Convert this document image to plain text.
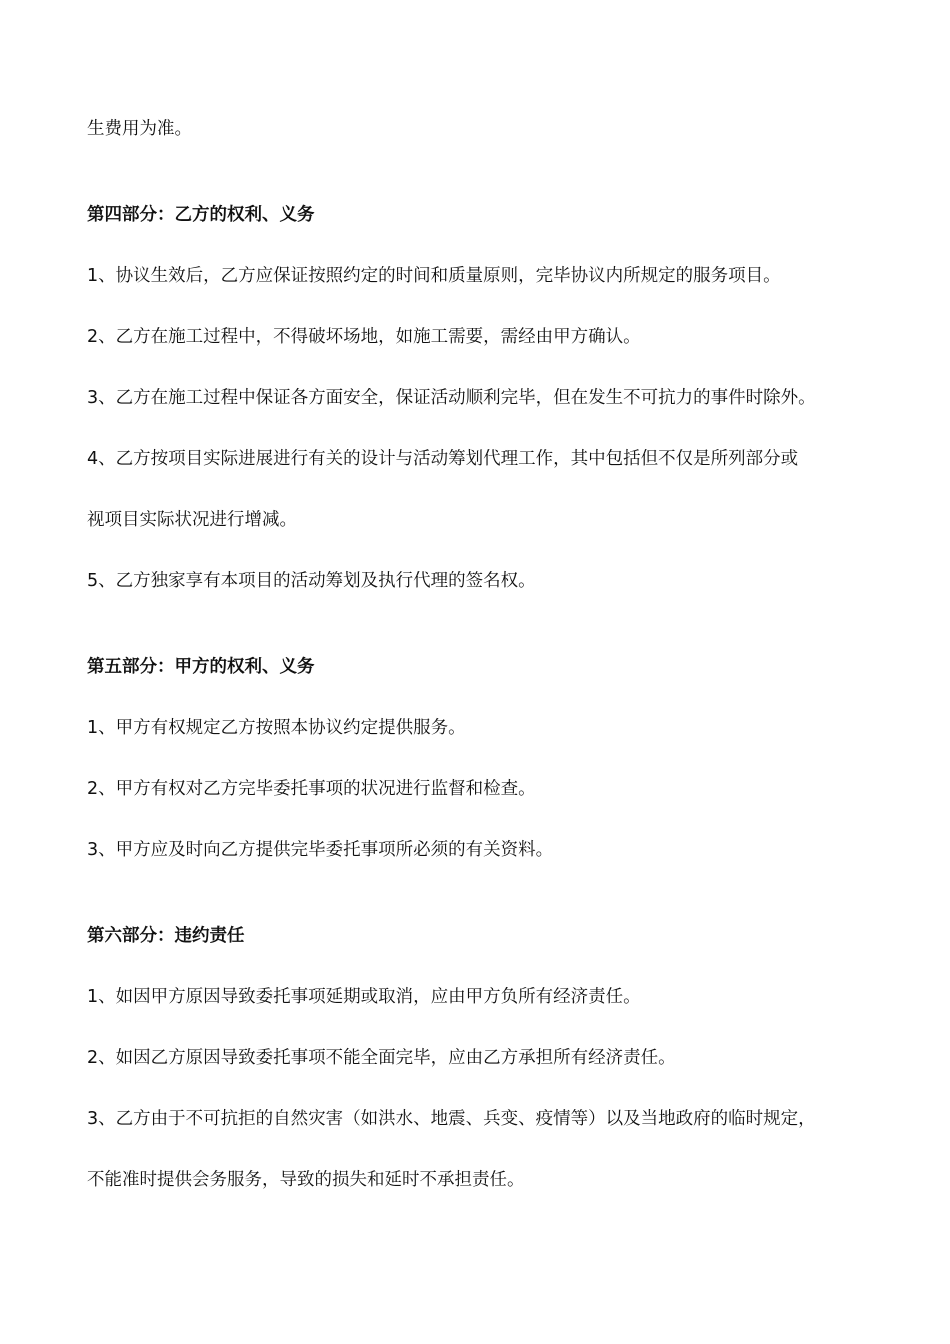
生费用为准。
第四部分：乙方的权利、义务
1、协议生效后，乙方应保证按照约定的时间和质量原则，完毕协议内所规定的服务项目。
2、乙方在施工过程中，不得破坏场地，如施工需要，需经由甲方确认。
3、乙方在施工过程中保证各方面安全，保证活动顺利完毕，但在发生不可抗力的事件时除外。
4、乙方按项目实际进展进行有关的设计与活动筹划代理工作，其中包括但不仅是所列部分或
视项目实际状况进行增减。
5、乙方独家享有本项目的活动筹划及执行代理的签名权。
第五部分：甲方的权利、义务
1、甲方有权规定乙方按照本协议约定提供服务。
2、甲方有权对乙方完毕委托事项的状况进行监督和检查。
3、甲方应及时向乙方提供完毕委托事项所必须的有关资料。
第六部分：违约责任
1、如因甲方原因导致委托事项延期或取消，应由甲方负所有经济责任。
2、如因乙方原因导致委托事项不能全面完毕，应由乙方承担所有经济责任。
3、乙方由于不可抗拒的自然灾害（如洪水、地震、兵变、疫情等）以及当地政府的临时规定，
不能准时提供会务服务，导致的损失和延时不承担责任。
